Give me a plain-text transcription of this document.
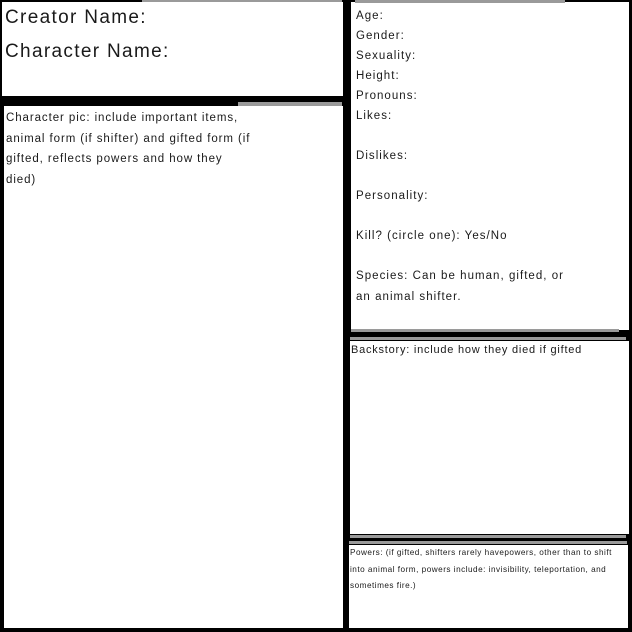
Creator Name:
Character Name:
Character pic: include important items, animal form (if shifter) and gifted form (if gifted, reflects powers and how they died)
Age:
Gender:
Sexuality:
Height:
Pronouns:
Likes:
Dislikes:
Personality:
Kill? (circle one): Yes/No
Species: Can be human, gifted, or
an animal shifter.
Backstory: include how they died if gifted
Powers: (if gifted, shifters rarely havepowers, other than to shift into animal form, powers include: invisibility, teleportation, and sometimes fire.)
